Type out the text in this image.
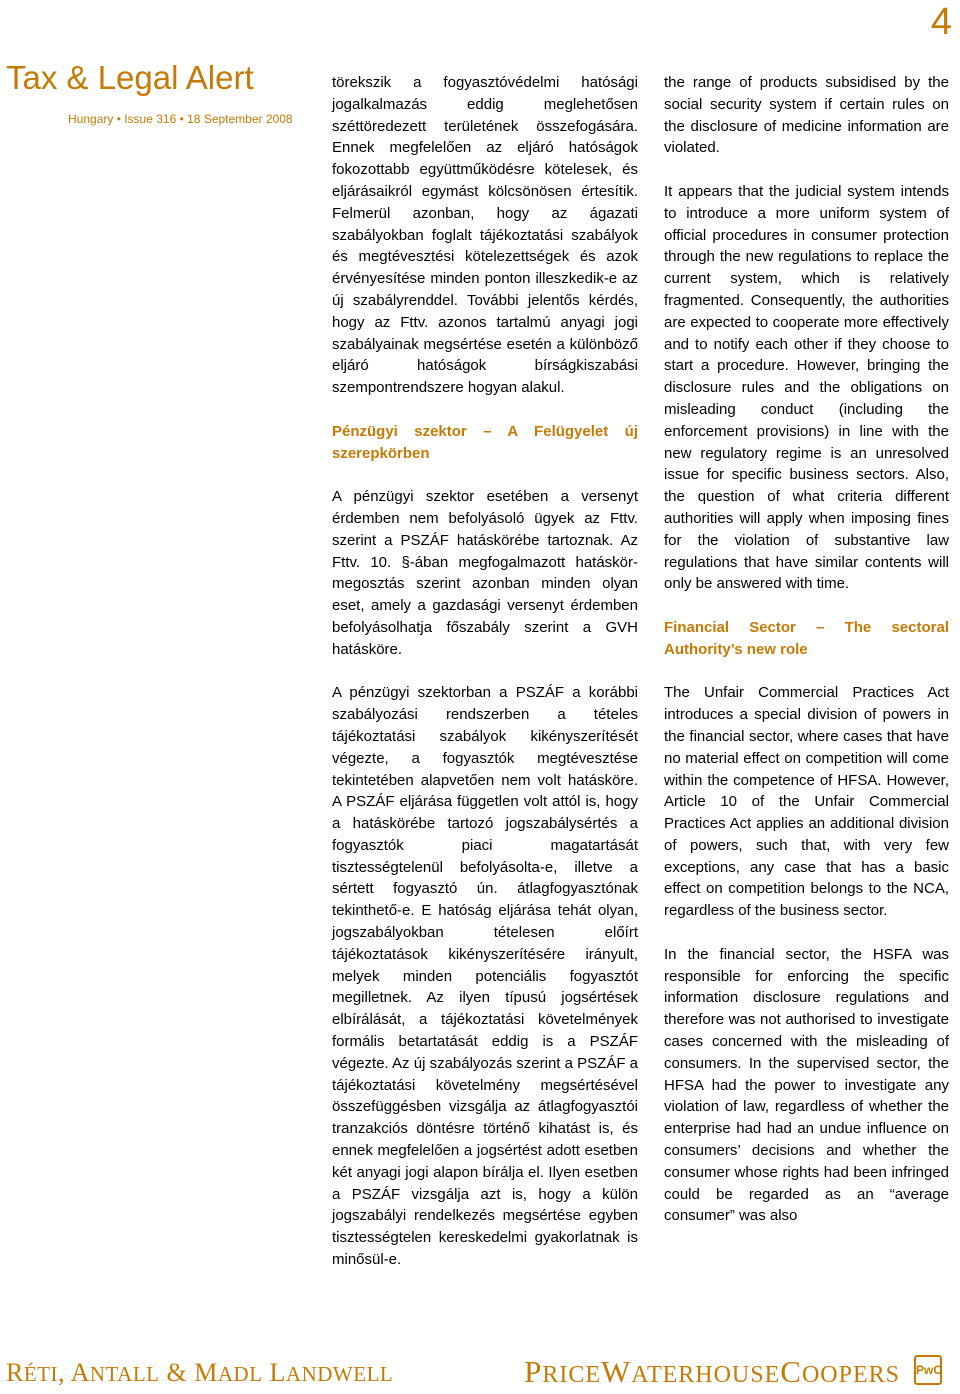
4
Tax & Legal Alert
Hungary • Issue 316 • 18 September 2008

törekszik a fogyasztóvédelmi hatósági jogalkalmazás eddig meglehetősen széttöredezett területének összefogására. Ennek megfelelően az eljáró hatóságok fokozottabb együttműködésre kötelesek, és eljárásaikról egymást kölcsönösen értesítik. Felmerül azonban, hogy az ágazati szabályokban foglalt tájékoztatási szabályok és megtévesztési kötelezettségek és azok érvényesítése minden ponton illeszkedik-e az új szabályrenddel. További jelentős kérdés, hogy az Fttv. azonos tartalmú anyagi jogi szabályainak megsértése esetén a különböző eljáró hatóságok bírságkiszabási szempontrendszere hogyan alakul.

Pénzügyi szektor – A Felügyelet új szerepkörben

A pénzügyi szektor esetében a versenyt érdemben nem befolyásoló ügyek az Fttv. szerint a PSZÁF hatáskörébe tartoznak. Az Fttv. 10. §-ában megfogalmazott hatáskör-megosztás szerint azonban minden olyan eset, amely a gazdasági versenyt érdemben befolyásolhatja főszabály szerint a GVH hatásköre.

A pénzügyi szektorban a PSZÁF a korábbi szabályozási rendszerben a tételes tájékoztatási szabályok kikényszerítését végezte, a fogyasztók megtévesztése tekintetében alapvetően nem volt hatásköre. A PSZÁF eljárása független volt attól is, hogy a hatáskörébe tartozó jogszabálysértés a fogyasztók piaci magatartását tisztességtelenül befolyásolta-e, illetve a sértett fogyasztó ún. átlagfogyasztónak tekinthető-e. E hatóság eljárása tehát olyan, jogszabályokban tételesen előírt tájékoztatások kikényszerítésére irányult, melyek minden potenciális fogyasztót megilletnek. Az ilyen típusú jogsértések elbírálását, a tájékoztatási követelmények formális betartatását eddig is a PSZÁF végezte. Az új szabályozás szerint a PSZÁF a tájékoztatási követelmény megsértésével összefüggésben vizsgálja az átlagfogyasztói tranzakciós döntésre történő kihatást is, és ennek megfelelően a jogsértést adott esetben két anyagi jogi alapon bírálja el. Ilyen esetben a PSZÁF vizsgálja azt is, hogy a külön jogszabályi rendelkezés megsértése egyben tisztességtelen kereskedelmi gyakorlatnak is minősül-e.

the range of products subsidised by the social security system if certain rules on the disclosure of medicine information are violated.

It appears that the judicial system intends to introduce a more uniform system of official procedures in consumer protection through the new regulations to replace the current system, which is relatively fragmented. Consequently, the authorities are expected to cooperate more effectively and to notify each other if they choose to start a procedure. However, bringing the disclosure rules and the obligations on misleading conduct (including the enforcement provisions) in line with the new regulatory regime is an unresolved issue for specific business sectors. Also, the question of what criteria different authorities will apply when imposing fines for the violation of substantive law regulations that have similar contents will only be answered with time.

Financial Sector – The sectoral Authority’s new role

The Unfair Commercial Practices Act introduces a special division of powers in the financial sector, where cases that have no material effect on competition will come within the competence of HFSA. However, Article 10 of the Unfair Commercial Practices Act applies an additional division of powers, such that, with very few exceptions, any case that has a basic effect on competition belongs to the NCA, regardless of the business sector.

In the financial sector, the HSFA was responsible for enforcing the specific information disclosure regulations and therefore was not authorised to investigate cases concerned with the misleading of consumers. In the supervised sector, the HFSA had the power to investigate any violation of law, regardless of whether the enterprise had had an undue influence on consumers’ decisions and whether the consumer whose rights had been infringed could be regarded as an “average consumer” was also

RÉTI, ANTALL & MADL LANDWELL	PRICEWATERHOUSECOOPERS PwC
